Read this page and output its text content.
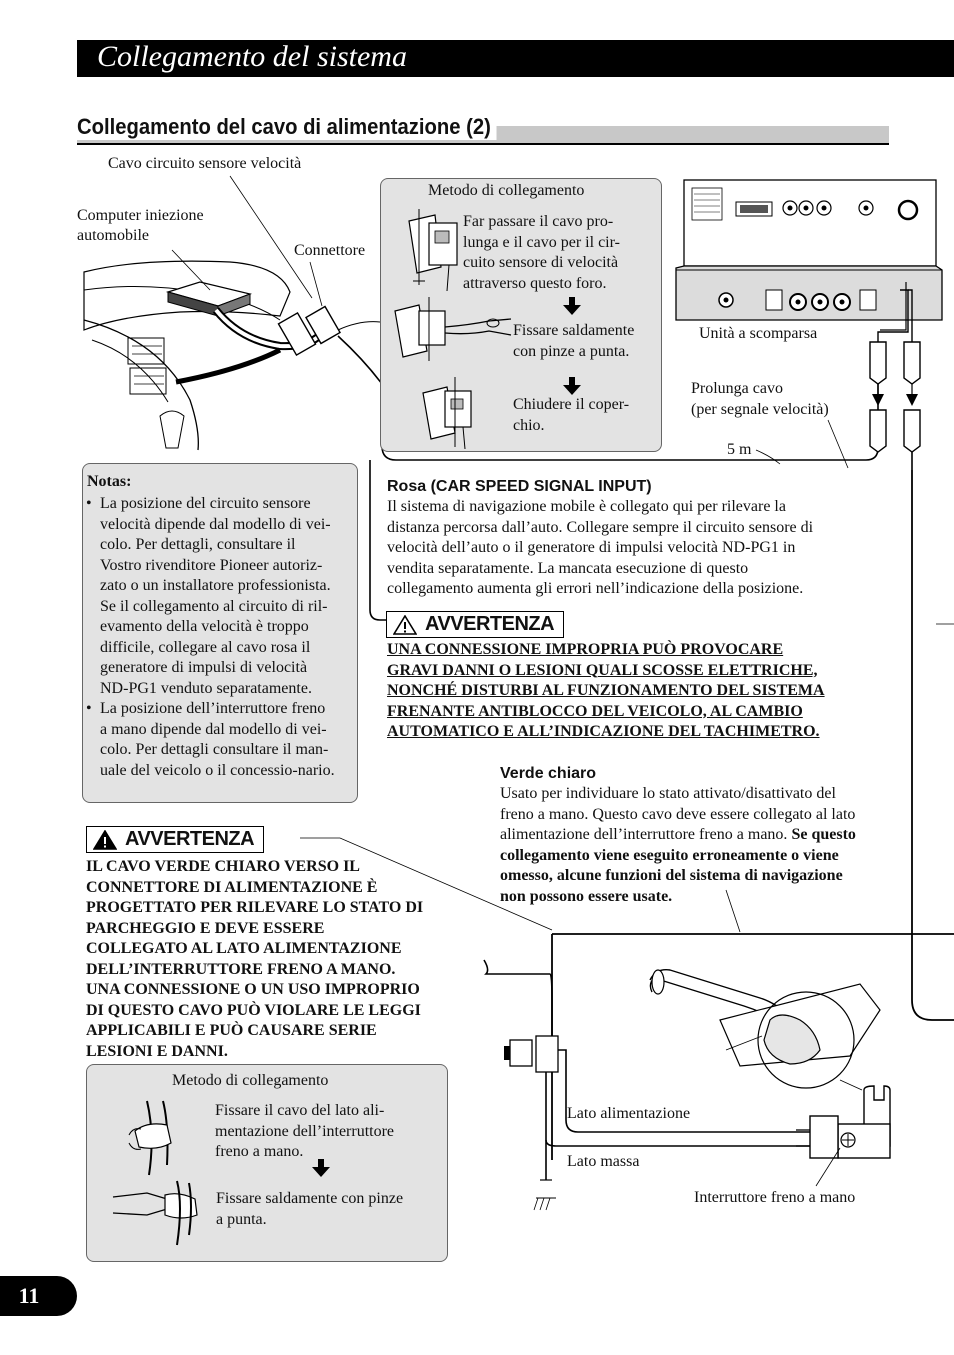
Collegamento del sistema
Collegamento del cavo di alimentazione (2)
Cavo circuito sensore velocità
Computer iniezione
automobile
Connettore
Unità a scomparsa
Prolunga cavo
(per segnale velocità)
5 m
Metodo di collegamento
Far passare il cavo pro-
lunga e il cavo per il cir-
cuito sensore di velocità
attraverso questo foro.
Fissare saldamente
con pinze a punta.
Chiudere il coper-
chio.
Notas:
• La posizione del circuito sensore
velocità dipende dal modello di vei-
colo. Per dettagli, consultare il
Vostro rivenditore Pioneer autoriz-
zato o un installatore professionista.
Se il collegamento al circuito di ril-
evamento della velocità è troppo
difficile, collegare al cavo rosa il
generatore di impulsi di velocità
ND-PG1 venduto separatamente.
• La posizione dell’interruttore freno
a mano dipende dal modello di vei-
colo. Per dettagli consultare il man-
uale del veicolo o il concessio-nario.
Rosa (CAR SPEED SIGNAL INPUT)
Il sistema di navigazione mobile è collegato qui per rilevare la
distanza percorsa dall’auto. Collegare sempre il circuito sensore di
velocità dell’auto o il generatore di impulsi velocità ND-PG1 in
vendita separatamente. La mancata esecuzione di questo
collegamento aumenta gli errori nell’indicazione della posizione.
AVVERTENZA
UNA CONNESSIONE IMPROPRIA PUÒ PROVOCARE
GRAVI DANNI O LESIONI QUALI SCOSSE ELETTRICHE,
NONCHÉ DISTURBI AL FUNZIONAMENTO DEL SISTEMA
FRENANTE ANTIBLOCCO DEL VEICOLO, AL CAMBIO
AUTOMATICO E ALL’INDICAZIONE DEL TACHIMETRO.
Verde chiaro
Usato per individuare lo stato attivato/disattivato del
freno a mano. Questo cavo deve essere collegato al lato
alimentazione dell’interruttore freno a mano. Se questo
collegamento viene eseguito erroneamente o viene
omesso, alcune funzioni del sistema di navigazione
non possono essere usate.
AVVERTENZA
IL CAVO VERDE CHIARO VERSO IL
CONNETTORE DI ALIMENTAZIONE È
PROGETTATO PER RILEVARE LO STATO DI
PARCHEGGIO E DEVE ESSERE
COLLEGATO AL LATO ALIMENTAZIONE
DELL’INTERRUTTORE FRENO A MANO.
UNA CONNESSIONE O UN USO IMPROPRIO
DI QUESTO CAVO PUÒ VIOLARE LE LEGGI
APPLICABILI E PUÒ CAUSARE SERIE
LESIONI E DANNI.
Metodo di collegamento
Fissare il cavo del lato ali-
mentazione dell’interruttore
freno a mano.
Fissare saldamente con pinze
a punta.
Lato alimentazione
Lato massa
Interruttore freno a mano
11
